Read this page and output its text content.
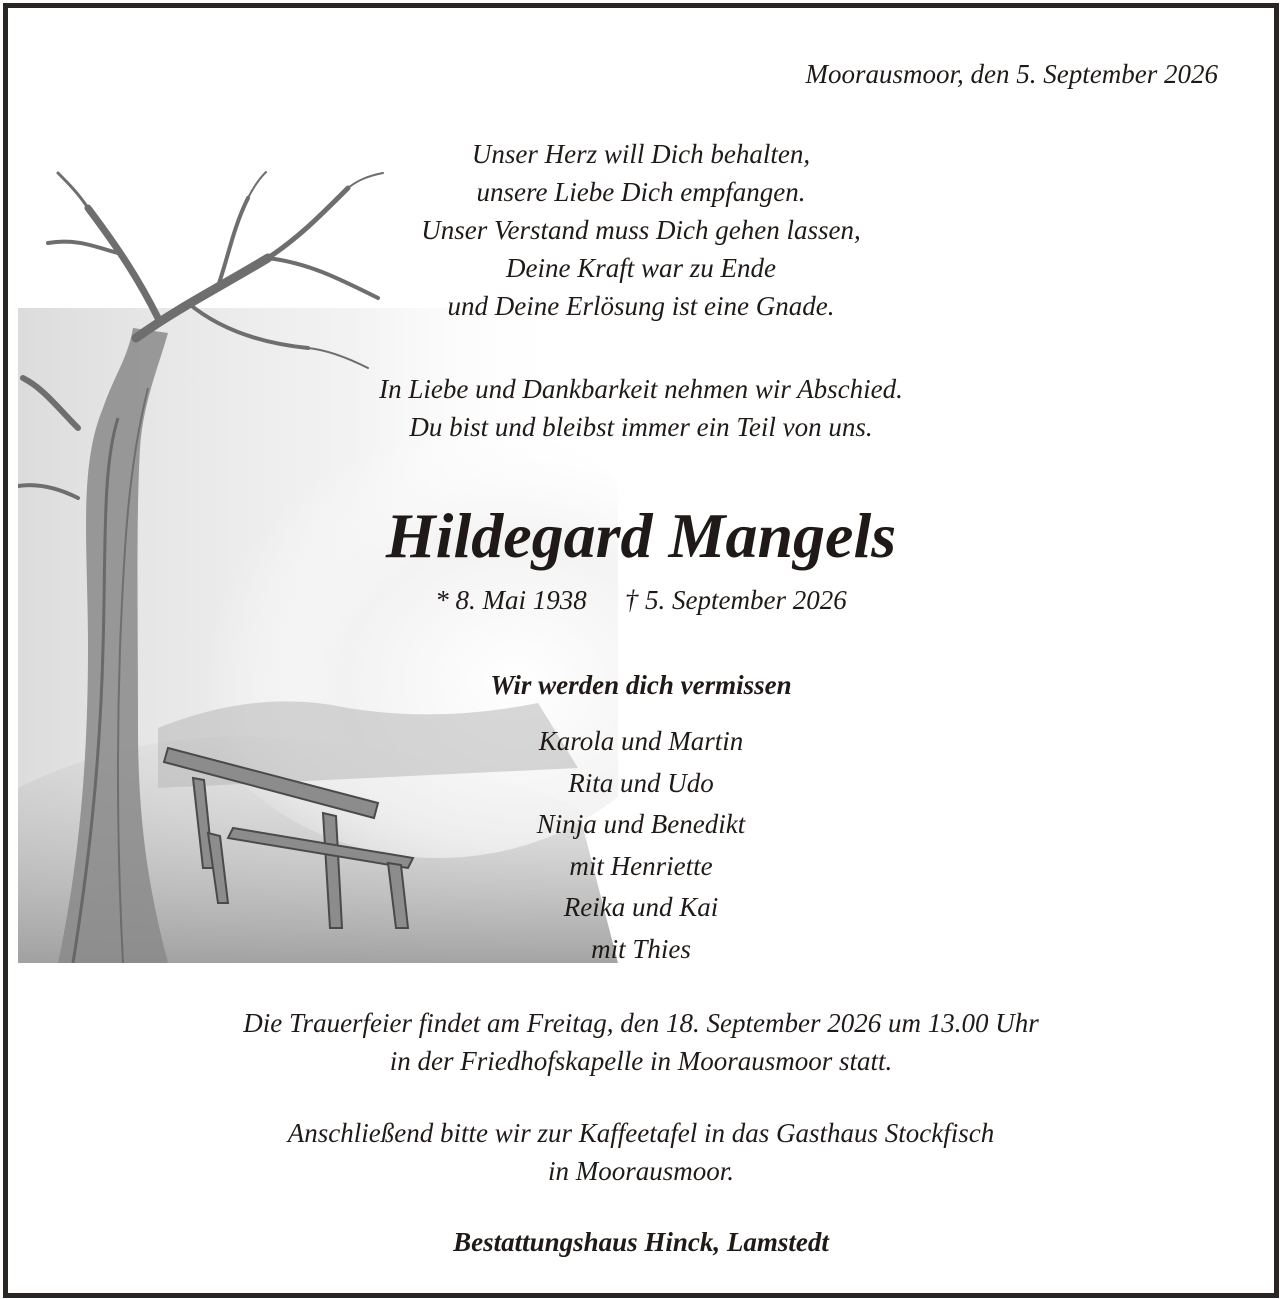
Moorausmoor, den 5. September 2026

Unser Herz will Dich behalten,
unsere Liebe Dich empfangen.
Unser Verstand muss Dich gehen lassen,
Deine Kraft war zu Ende
und Deine Erlösung ist eine Gnade.

In Liebe und Dankbarkeit nehmen wir Abschied.
Du bist und bleibst immer ein Teil von uns.

Hildegard Mangels

* 8. Mai 1938 † 5. September 2026

Wir werden dich vermissen

Karola und Martin
Rita und Udo
Ninja und Benedikt
mit Henriette
Reika und Kai
mit Thies

Die Trauerfeier findet am Freitag, den 18. September 2026 um 13.00 Uhr
in der Friedhofskapelle in Moorausmoor statt.

Anschließend bitte wir zur Kaffeetafel in das Gasthaus Stockfisch
in Moorausmoor.

Bestattungshaus Hinck, Lamstedt
